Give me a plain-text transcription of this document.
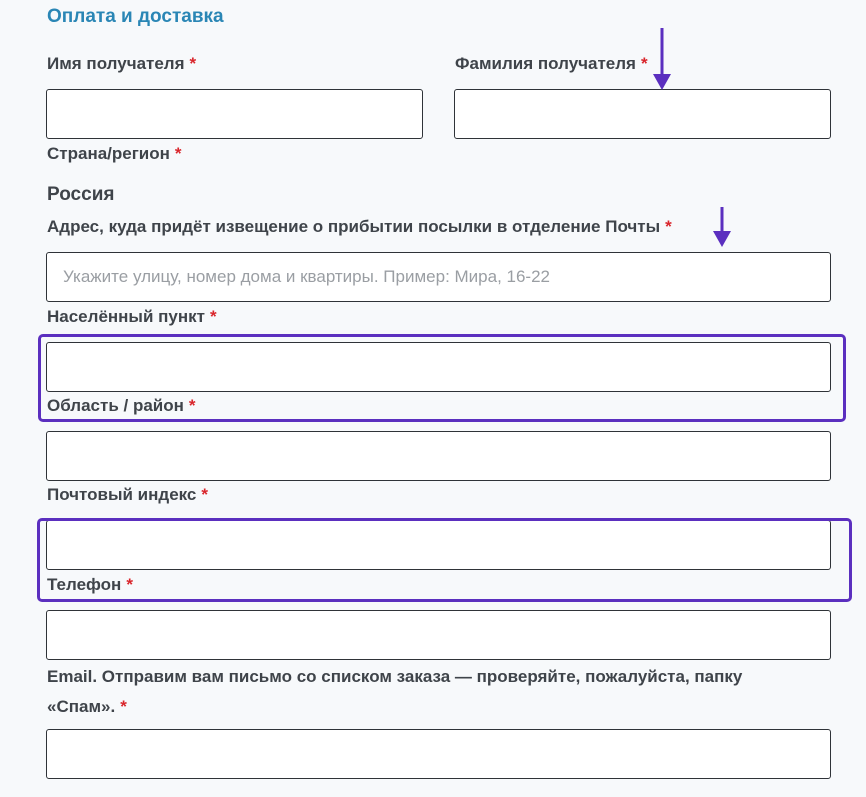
Оплата и доставка
Имя получателя *	Фамилия получателя *
Страна/регион *
Россия
Адрес, куда придёт извещение о прибытии посылки в отделение Почты *
Укажите улицу, номер дома и квартиры. Пример: Мира, 16-22
Населённый пункт *
Область / район *
Почтовый индекс *
Телефон *
Email. Отправим вам письмо со списком заказа — проверяйте, пожалуйста, папку «Спам». *
